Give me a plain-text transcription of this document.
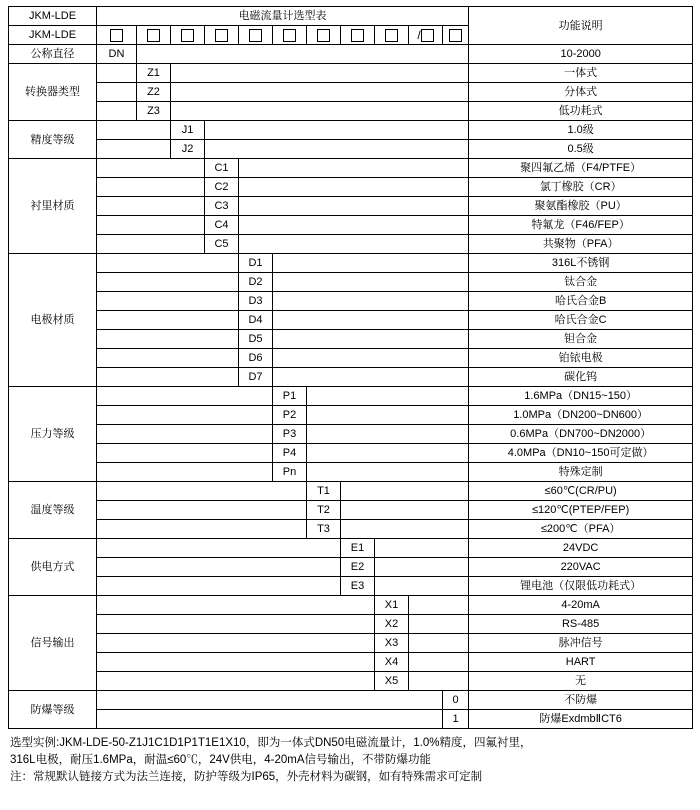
JKM-LDE	电磁流量计选型表											功能说明
JKM-LDE										/		
公称直径	DN											10-2000
转换器类型		Z1										一体式
		Z2										分体式
		Z3										低功耗式
精度等级			J1									1.0级
			J2									0.5级
衬里材质				C1								聚四氟乙烯（F4/PTFE）
				C2								氯丁橡胶（CR）
				C3								聚氨酯橡胶（PU）
				C4								特氟龙（F46/FEP）
				C5								共聚物（PFA）
电极材质					D1							316L不锈钢
					D2							钛合金
					D3							哈氏合金B
					D4							哈氏合金C
					D5							钽合金
					D6							铂铱电极
					D7							碳化钨
压力等级						P1						1.6MPa（DN15~150）
						P2						1.0MPa（DN200~DN600）
						P3						0.6MPa（DN700~DN2000）
						P4						4.0MPa（DN10~150可定做）
						Pn						特殊定制
温度等级							T1					≤60℃(CR/PU)
							T2					≤120℃(PTEP/FEP)
							T3					≤200℃（PFA）
供电方式								E1				24VDC
								E2				220VAC
								E3				锂电池（仅限低功耗式）
信号输出									X1			4-20mA
									X2			RS-485
									X3			脉冲信号
									X4			HART
									X5			无
防爆等级											0	不防爆
											1	防爆ExdmbⅡCT6

选型实例:JKM-LDE-50-Z1J1C1D1P1T1E1X10，即为一体式DN50电磁流量计，1.0%精度，四氟衬里，

316L电极，耐压1.6MPa，耐温≤60℃，24V供电，4-20mA信号输出，不带防爆功能

注：常规默认链接方式为法兰连接，防护等级为IP65，外壳材料为碳钢，如有特殊需求可定制
